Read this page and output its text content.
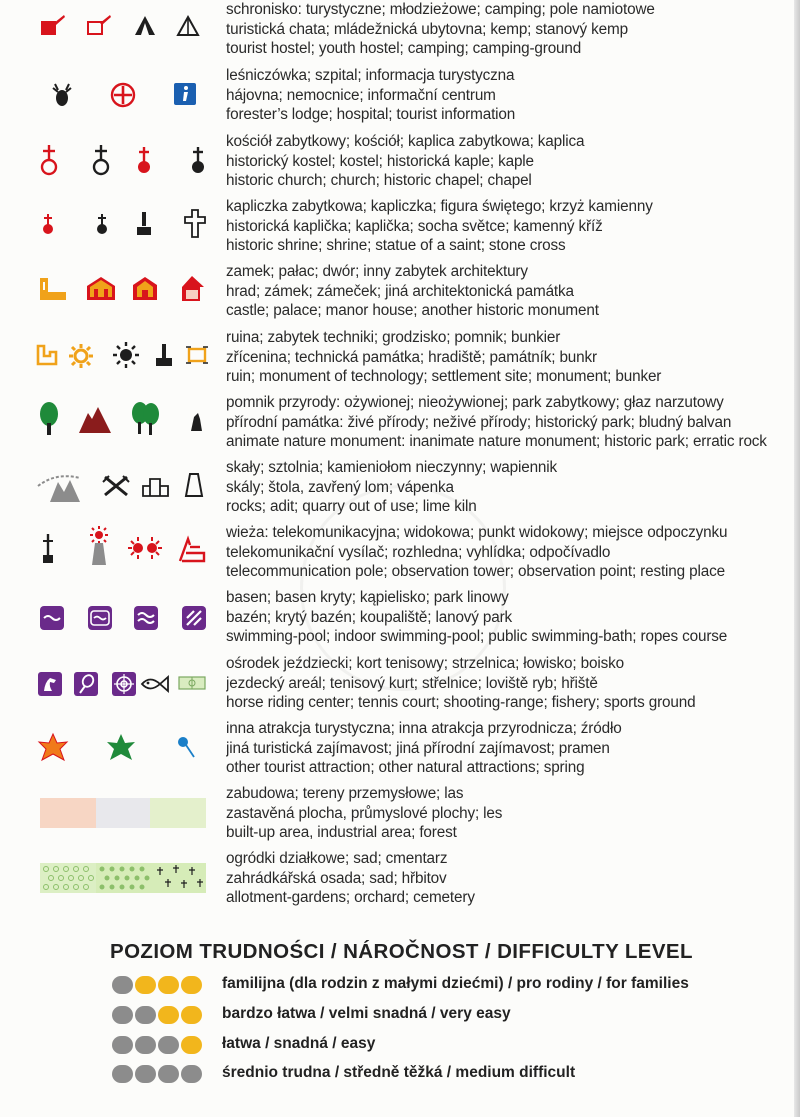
schronisko: turystyczne; młodzieżowe; camping; pole namiotowe
turistická chata; mládežnická ubytovna; kemp; stanový kemp
tourist hostel; youth hostel; camping; camping-ground
leśniczówka; szpital; informacja turystyczna
hájovna; nemocnice; informační centrum
forester’s lodge; hospital; tourist information
kościół zabytkowy; kościół; kaplica zabytkowa; kaplica
historický kostel; kostel; historická kaple; kaple
historic church; church; historic chapel; chapel
kapliczka zabytkowa; kapliczka; figura świętego; krzyż kamienny
historická kaplička; kaplička; socha světce; kamenný kříž
historic shrine; shrine; statue of a saint; stone cross
zamek; pałac; dwór; inny zabytek architektury
hrad; zámek; zámeček; jiná architektonická památka
castle; palace; manor house; another historic monument
ruina; zabytek techniki; grodzisko; pomnik; bunkier
zřícenina; technická památka; hradiště; památník; bunkr
ruin; monument of technology; settlement site; monument; bunker
pomnik przyrody: ożywionej; nieożywionej; park zabytkowy; głaz narzutowy
přírodní památka: živé přírody; neživé přírody; historický park; bludný balvan
animate nature monument: inanimate nature monument; historic park; erratic rock
skały; sztolnia; kamieniołom nieczynny; wapiennik
skály; štola, zavřený lom; vápenka
rocks; adit; quarry out of use; lime kiln
wieża: telekomunikacyjna; widokowa; punkt widokowy; miejsce odpoczynku
telekomunikační vysílač; rozhledna; vyhlídka; odpočívadlo
telecommunication pole; observation tower; observation point; resting place
basen; basen kryty; kąpielisko; park linowy
bazén; krytý bazén; koupaliště; lanový park
swimming-pool; indoor swimming-pool; public swimming-bath; ropes course
ośrodek jeździecki; kort tenisowy; strzelnica; łowisko; boisko
jezdecký areál; tenisový kurt; střelnice; loviště ryb; hřiště
horse riding center; tennis court; shooting-range; fishery; sports ground
inna atrakcja turystyczna; inna atrakcja przyrodnicza; źródło
jiná turistická zajímavost; jiná přírodní zajímavost; pramen
other tourist attraction; other natural attractions; spring
zabudowa; tereny przemysłowe; las
zastavěná plocha, průmyslové plochy; les
built-up area, industrial area; forest
ogródki działkowe; sad; cmentarz
zahrádkářská osada; sad; hřbitov
allotment-gardens; orchard; cemetery
POZIOM TRUDNOŚCI / NÁROČNOST / DIFFICULTY LEVEL
familijna (dla rodzin z małymi dziećmi) / pro rodiny / for families
bardzo łatwa / velmi snadná / very easy
łatwa / snadná / easy
średnio trudna / středně těžká / medium difficult
